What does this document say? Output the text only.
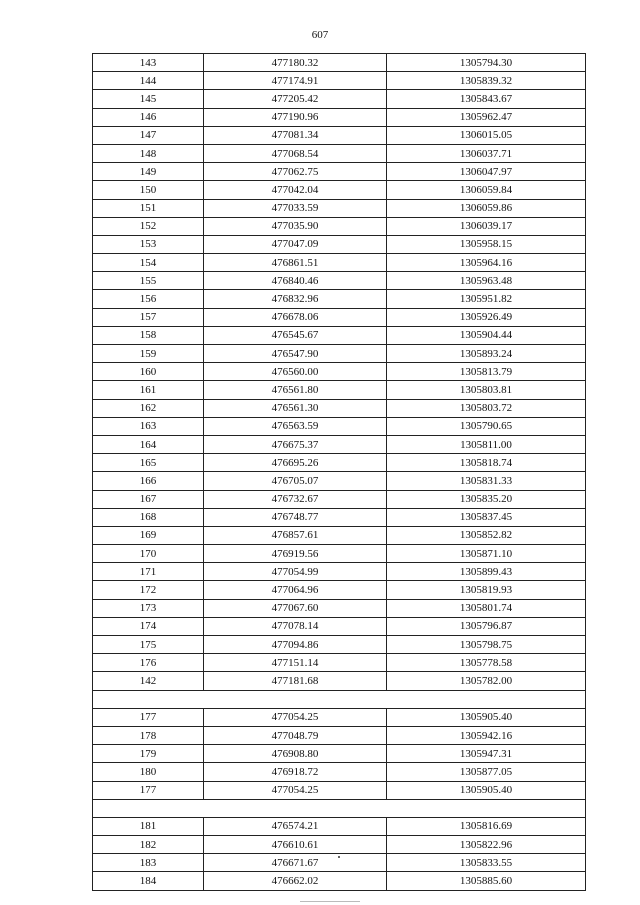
607
143	477180.32	1305794.30
144	477174.91	1305839.32
145	477205.42	1305843.67
146	477190.96	1305962.47
147	477081.34	1306015.05
148	477068.54	1306037.71
149	477062.75	1306047.97
150	477042.04	1306059.84
151	477033.59	1306059.86
152	477035.90	1306039.17
153	477047.09	1305958.15
154	476861.51	1305964.16
155	476840.46	1305963.48
156	476832.96	1305951.82
157	476678.06	1305926.49
158	476545.67	1305904.44
159	476547.90	1305893.24
160	476560.00	1305813.79
161	476561.80	1305803.81
162	476561.30	1305803.72
163	476563.59	1305790.65
164	476675.37	1305811.00
165	476695.26	1305818.74
166	476705.07	1305831.33
167	476732.67	1305835.20
168	476748.77	1305837.45
169	476857.61	1305852.82
170	476919.56	1305871.10
171	477054.99	1305899.43
172	477064.96	1305819.93
173	477067.60	1305801.74
174	477078.14	1305796.87
175	477094.86	1305798.75
176	477151.14	1305778.58
142	477181.68	1305782.00

177	477054.25	1305905.40
178	477048.79	1305942.16
179	476908.80	1305947.31
180	476918.72	1305877.05
177	477054.25	1305905.40

181	476574.21	1305816.69
182	476610.61	1305822.96
183	476671.67	1305833.55
184	476662.02	1305885.60
